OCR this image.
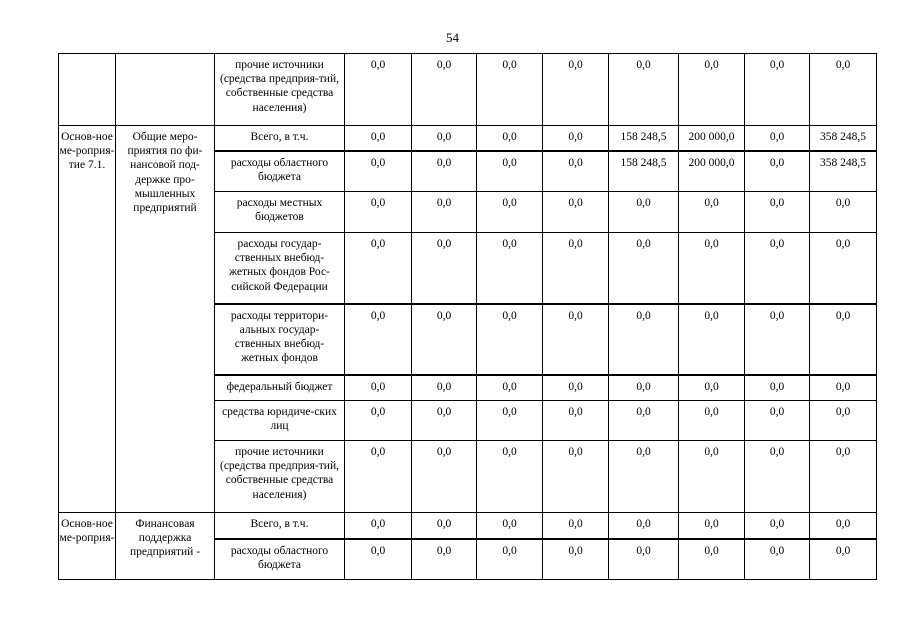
54
		прочие источники (средства предприя-тий, собственные средства населения)	0,0	0,0	0,0	0,0	0,0	0,0	0,0	0,0
Основ-ное ме-роприя-тие 7.1.	Общие меро-приятия по фи-нансовой под-держке про-мышленных предприятий	Всего, в т.ч.	0,0	0,0	0,0	0,0	158 248,5	200 000,0	0,0	358 248,5
		расходы областного бюджета	0,0	0,0	0,0	0,0	158 248,5	200 000,0	0,0	358 248,5
		расходы местных бюджетов	0,0	0,0	0,0	0,0	0,0	0,0	0,0	0,0
		расходы государ-ственных внебюд-жетных фондов Рос-сийской Федерации	0,0	0,0	0,0	0,0	0,0	0,0	0,0	0,0
		расходы территори-альных государ-ственных внебюд-жетных фондов	0,0	0,0	0,0	0,0	0,0	0,0	0,0	0,0
		федеральный бюджет	0,0	0,0	0,0	0,0	0,0	0,0	0,0	0,0
		средства юридиче-ских лиц	0,0	0,0	0,0	0,0	0,0	0,0	0,0	0,0
		прочие источники (средства предприя-тий, собственные средства населения)	0,0	0,0	0,0	0,0	0,0	0,0	0,0	0,0
Основ-ное ме-роприя-	Финансовая поддержка предприятий -	Всего, в т.ч.	0,0	0,0	0,0	0,0	0,0	0,0	0,0	0,0
		расходы областного бюджета	0,0	0,0	0,0	0,0	0,0	0,0	0,0	0,0
